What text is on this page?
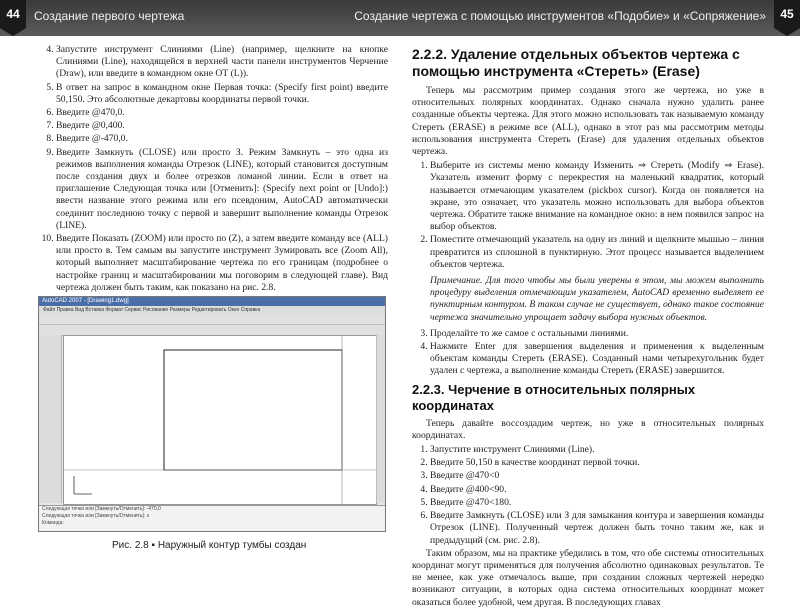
44	Создание первого чертежа	Создание чертежа с помощью инструментов «Подобие» и «Сопряжение»	45
4. Запустите инструмент Слиниями (Line) (например, щелкните на кнопке Слиниями (Line), находящейся в верхней части панели инструментов Черчение (Draw), или введите в командном окне ОТ (L)).
5. В ответ на запрос в командном окне Первая точка: (Specify first point) введите 50,150. Это абсолютные декартовы координаты первой точки.
6. Введите @470,0.
7. Введите @0,400.
8. Введите @-470,0.
9. Введите Замкнуть (CLOSE) или просто З. Режим Замкнуть – это одна из режимов выполнения команды Отрезок (LINE), который становится доступным после создания двух и более отрезков ломаной линии. Если в ответ на приглашение Следующая точка или [Отменить]: (Specify next point or [Undo]:) ввести название этого режима или его псевдоним, AutoCAD автоматически соединит последнюю точку с первой и завершит выполнение команды Отрезок (LINE).
10. Введите Показать (ZOOM) или просто по (Z), а затем введите команду все (ALL) или просто в. Тем самым вы запустите инструмент Зумировать все (Zoom All), который выполняет масштабирование чертежа по его границам (подробнее о настройке границ и масштабировании мы поговорим в следующей главе). Вид чертежа должен быть таким, как показано на рис. 2.8.
AutoCAD 2007 - [Drawing1.dwg]
Файл Правка Вид Вставка Формат Сервис Рисование Размеры Редактировать Окно Справка
Следующая точка или [Замкнуть/Отменить]: -470,0
Следующая точка или [Замкнуть/Отменить]: з
Команда:
Рис. 2.8 ▪ Наружный контур тумбы создан
2.2.2. Удаление отдельных объектов чертежа с помощью инструмента «Стереть» (Erase)

Теперь мы рассмотрим пример создания этого же чертежа, но уже в относительных полярных координатах. Однако сначала нужно удалить ранее созданные объекты чертежа. Для этого можно использовать так называемую команду Стереть (ERASE) в режиме все (ALL), однако в этот раз мы рассмотрим методы использования инструмента Стереть (Erase) для удаления отдельных объектов чертежа.

1. Выберите из системы меню команду Изменить ⇒ Стереть (Modify ⇒ Erase). Указатель изменит форму с перекрестия на маленький квадратик, который называется отмечающим указателем (pickbox cursor). Когда он появляется на экране, это означает, что указатель можно использовать для выбора объектов чертежа. Обратите также внимание на командное окно: в нем появился запрос на выбор объектов.
2. Поместите отмечающий указатель на одну из линий и щелкните мышью – линия превратится из сплошной в пунктирную. Этот процесс называется выделением объектов чертежа.
Примечание. Для того чтобы мы были уверены в этом, мы можем выполнить процедуру выделения отмечающим указателем, AutoCAD временно выделяет ее пунктирным контуром. В таком случае не существует, однако такое состояние чертежа значительно упрощает задачу выбора нужных объектов.
3. Проделайте то же самое с остальными линиями.
4. Нажмите Enter для завершения выделения и применения к выделенным объектам команды Стереть (ERASE). Созданный нами четырехугольник будет удален с чертежа, а выполнение команды Стереть (ERASE) завершится.
2.2.3. Черчение в относительных полярных координатах

Теперь давайте воссоздадим чертеж, но уже в относительных полярных координатах.

1. Запустите инструмент Слиниями (Line).
2. Введите 50,150 в качестве координат первой точки.
3. Введите @470<0
4. Введите @400<90.
5. Введите @470<180.
6. Введите Замкнуть (CLOSE) или З для замыкания контура и завершения команды Отрезок (LINE). Полученный чертеж должен быть точно таким же, как и предыдущий (см. рис. 2.8).

Таким образом, мы на практике убедились в том, что обе системы относительных координат могут применяться для получения абсолютно одинаковых результатов. Те не менее, как уже отмечалось выше, при создании сложных чертежей нередко возникают ситуации, в которых одна система относительных координат может оказаться более удобной, чем другая. В последующих главах
